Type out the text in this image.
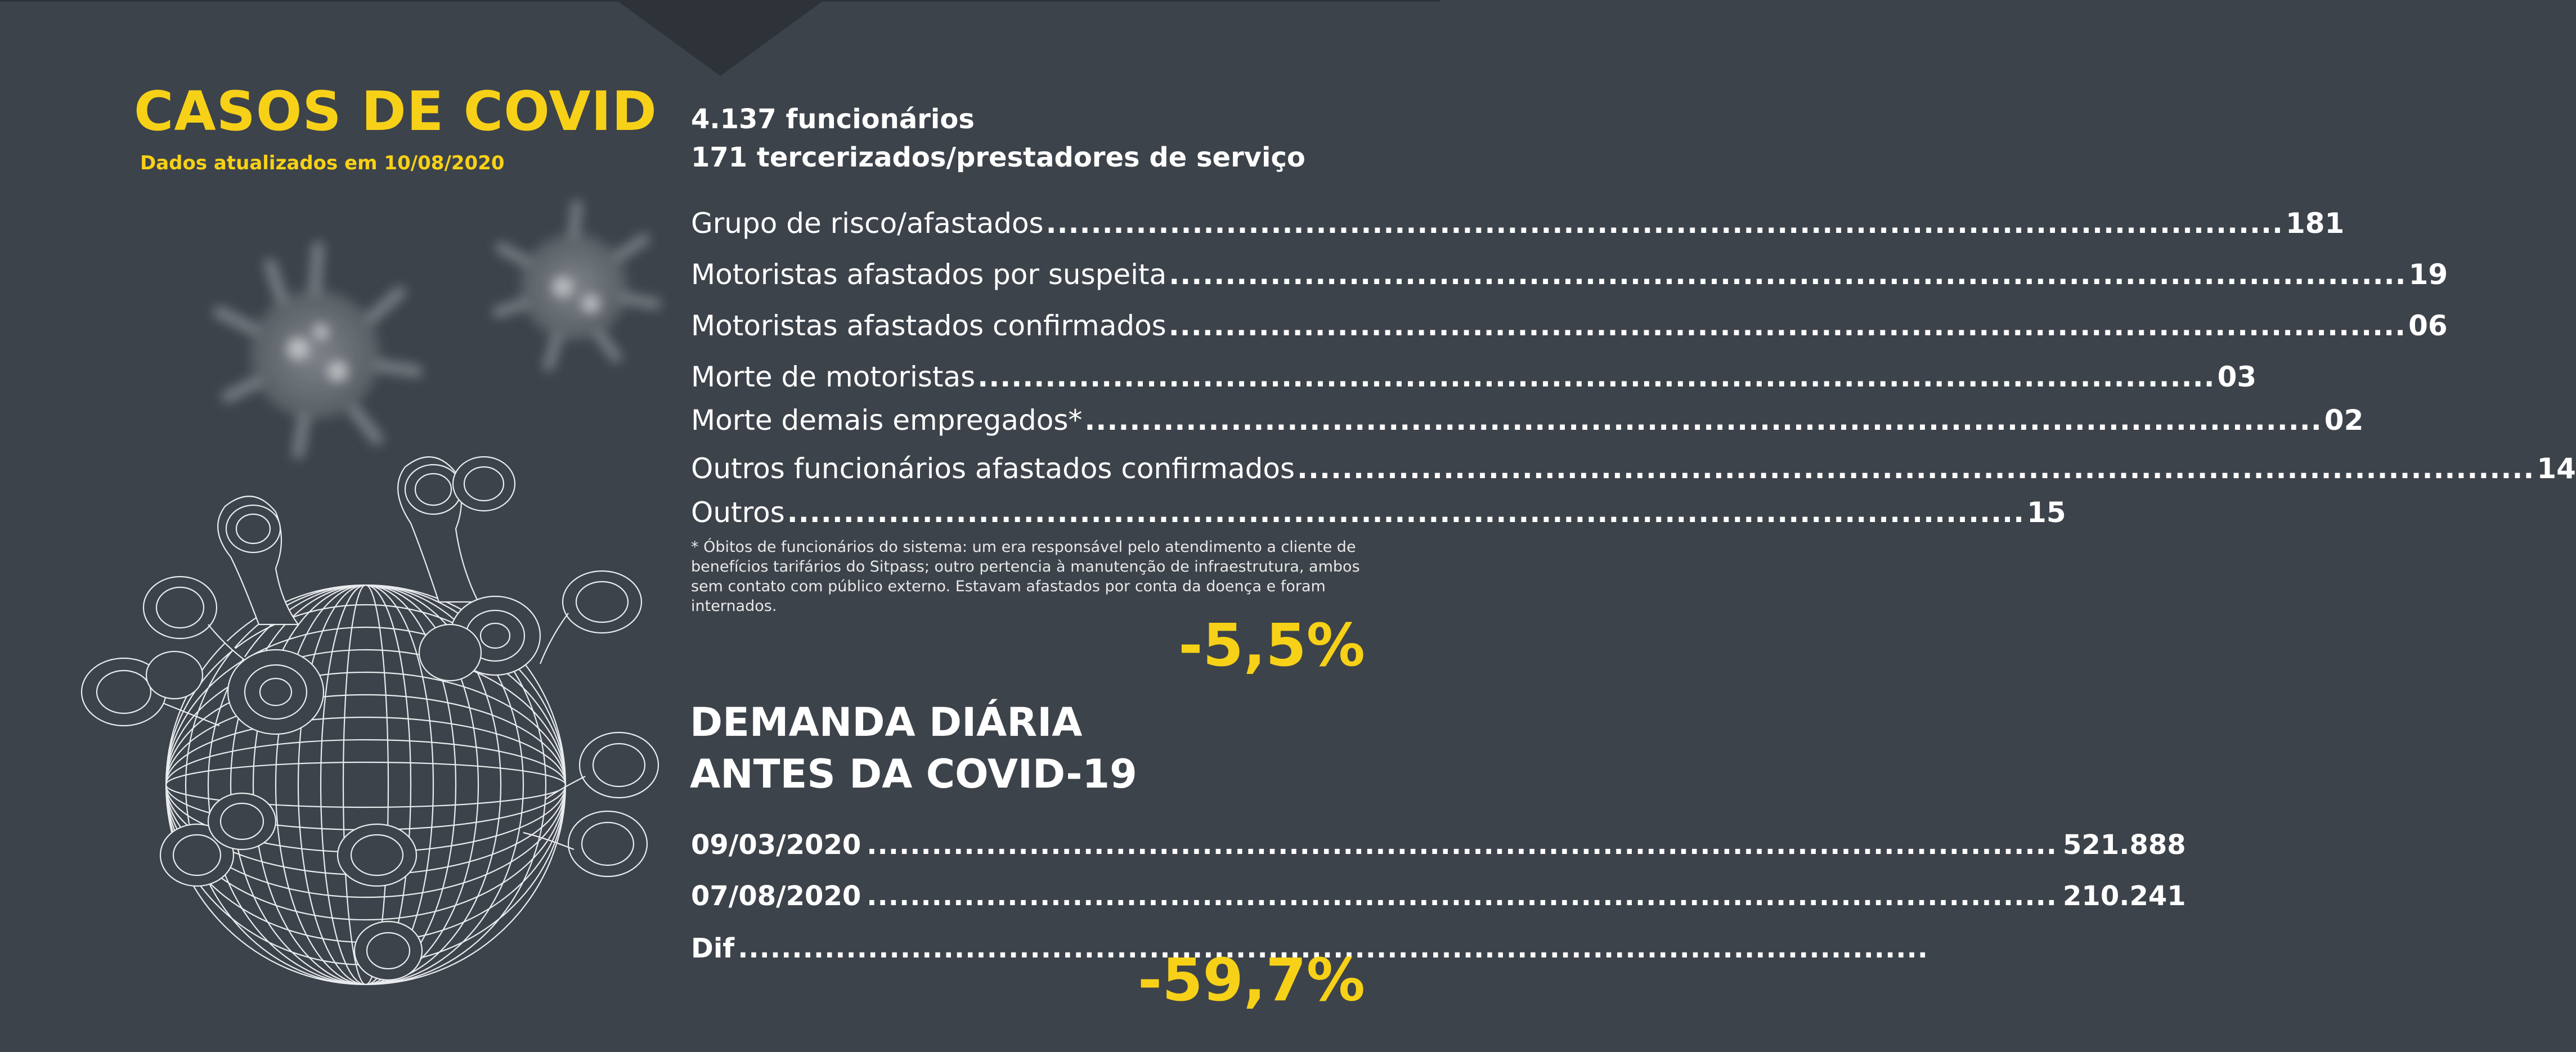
CASOS DE COVID
Dados atualizados em 10/08/2020
4.137 funcionários
171 tercerizados/prestadores de serviço
Grupo de risco/afastados .............................................................................................................. 181
Motoristas afastados por suspeita .............................................................................................................. 19
Motoristas afastados confirmados .............................................................................................................. 06
Morte de motoristas .............................................................................................................. 03
Morte demais empregados* .............................................................................................................. 02
Outros funcionários afastados confirmados .............................................................................................................. 14
Outros .............................................................................................................. 15
* Óbitos de funcionários do sistema: um era responsável pelo atendimento a cliente de benefícios tarifários do Sitpass; outro pertencia à manutenção de infraestrutura, ambos sem contato com público externo. Estavam afastados por conta da doença e foram internados.
-5,5%
DEMANDA DIÁRIA
ANTES DA COVID-19
09/03/2020 .............................................................................................................. 521.888
07/08/2020 .............................................................................................................. 210.241
Dif ..............................................................................................................
-59,7%
